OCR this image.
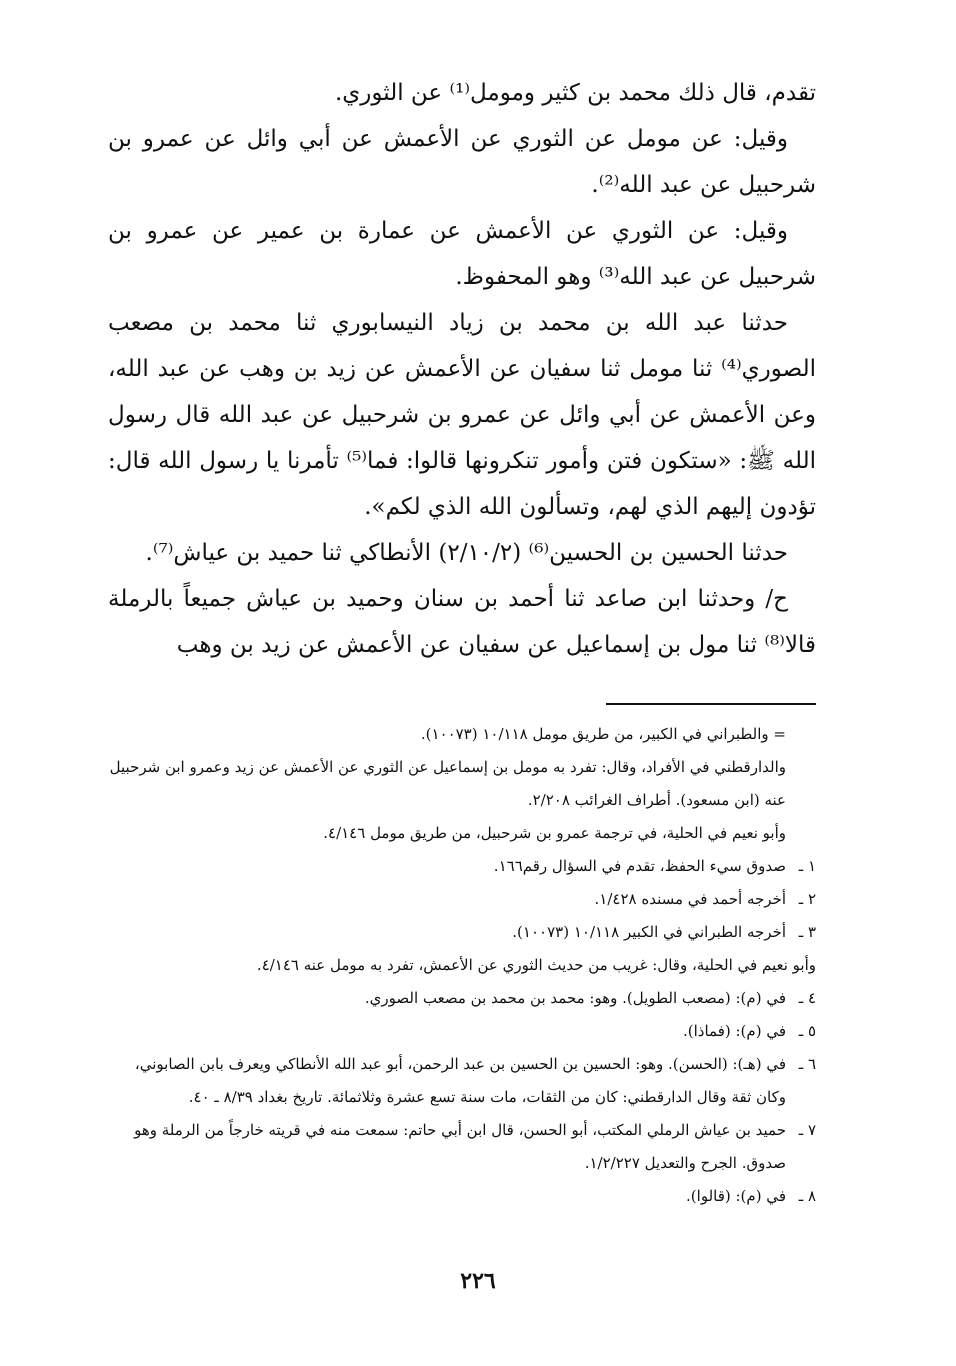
تقدم، قال ذلك محمد بن كثير ومومل⁽¹⁾ عن الثوري.

وقيل: عن مومل عن الثوري عن الأعمش عن أبي وائل عن عمرو بن شرحبيل عن عبد الله⁽²⁾.

وقيل: عن الثوري عن الأعمش عن عمارة بن عمير عن عمرو بن شرحبيل عن عبد الله⁽³⁾ وهو المحفوظ.

حدثنا عبد الله بن محمد بن زياد النيسابوري ثنا محمد بن مصعب الصوري⁽⁴⁾ ثنا مومل ثنا سفيان عن الأعمش عن زيد بن وهب عن عبد الله، وعن الأعمش عن أبي وائل عن عمرو بن شرحبيل عن عبد الله قال رسول الله ﷺ: «ستكون فتن وأمور تنكرونها قالوا: فما⁽⁵⁾ تأمرنا يا رسول الله قال: تؤدون إليهم الذي لهم، وتسألون الله الذي لكم».

حدثنا الحسين بن الحسين⁽⁶⁾ (٢/١٠/٢) الأنطاكي ثنا حميد بن عياش⁽⁷⁾.

ح/ وحدثنا ابن صاعد ثنا أحمد بن سنان وحميد بن عياش جميعاً بالرملة قالا⁽⁸⁾ ثنا مول بن إسماعيل عن سفيان عن الأعمش عن زيد بن وهب

= والطبراني في الكبير، من طريق مومل ١٠/١١٨ (١٠٠٧٣).

والدارقطني في الأفراد، وقال: تفرد به مومل بن إسماعيل عن الثوري عن الأعمش عن زيد وعمرو ابن شرحبيل عنه (ابن مسعود). أطراف الغرائب ٢/٢٠٨.

وأبو نعيم في الحلية، في ترجمة عمرو بن شرحبيل، من طريق مومل ٤/١٤٦.

١ ـ
صدوق سيء الحفظ، تقدم في السؤال رقم١٦٦.
٢ ـ
أخرجه أحمد في مسنده ١/٤٢٨.
٣ ـ
أخرجه الطبراني في الكبير ١٠/١١٨ (١٠٠٧٣).
وأبو نعيم في الحلية، وقال: غريب من حديث الثوري عن الأعمش، تفرد به مومل عنه ٤/١٤٦.
٤ ـ
في (م): (مصعب الطويل). وهو: محمد بن محمد بن مصعب الصوري.
٥ ـ
في (م): (فماذا).
٦ ـ
في (هـ): (الحسن). وهو: الحسين بن الحسين بن عبد الرحمن، أبو عبد الله الأنطاكي ويعرف بابن الصابوني، وكان ثقة وقال الدارقطني: كان من الثقات، مات سنة تسع عشرة وثلاثمائة. تاريخ بغداد ٨/٣٩ ـ ٤٠.
٧ ـ
حميد بن عياش الرملي المكتب، أبو الحسن، قال ابن أبي حاتم: سمعت منه في قريته خارجاً من الرملة وهو صدوق. الجرح والتعديل ١/٢/٢٢٧.
٨ ـ
في (م): (قالوا).
٢٢٦
